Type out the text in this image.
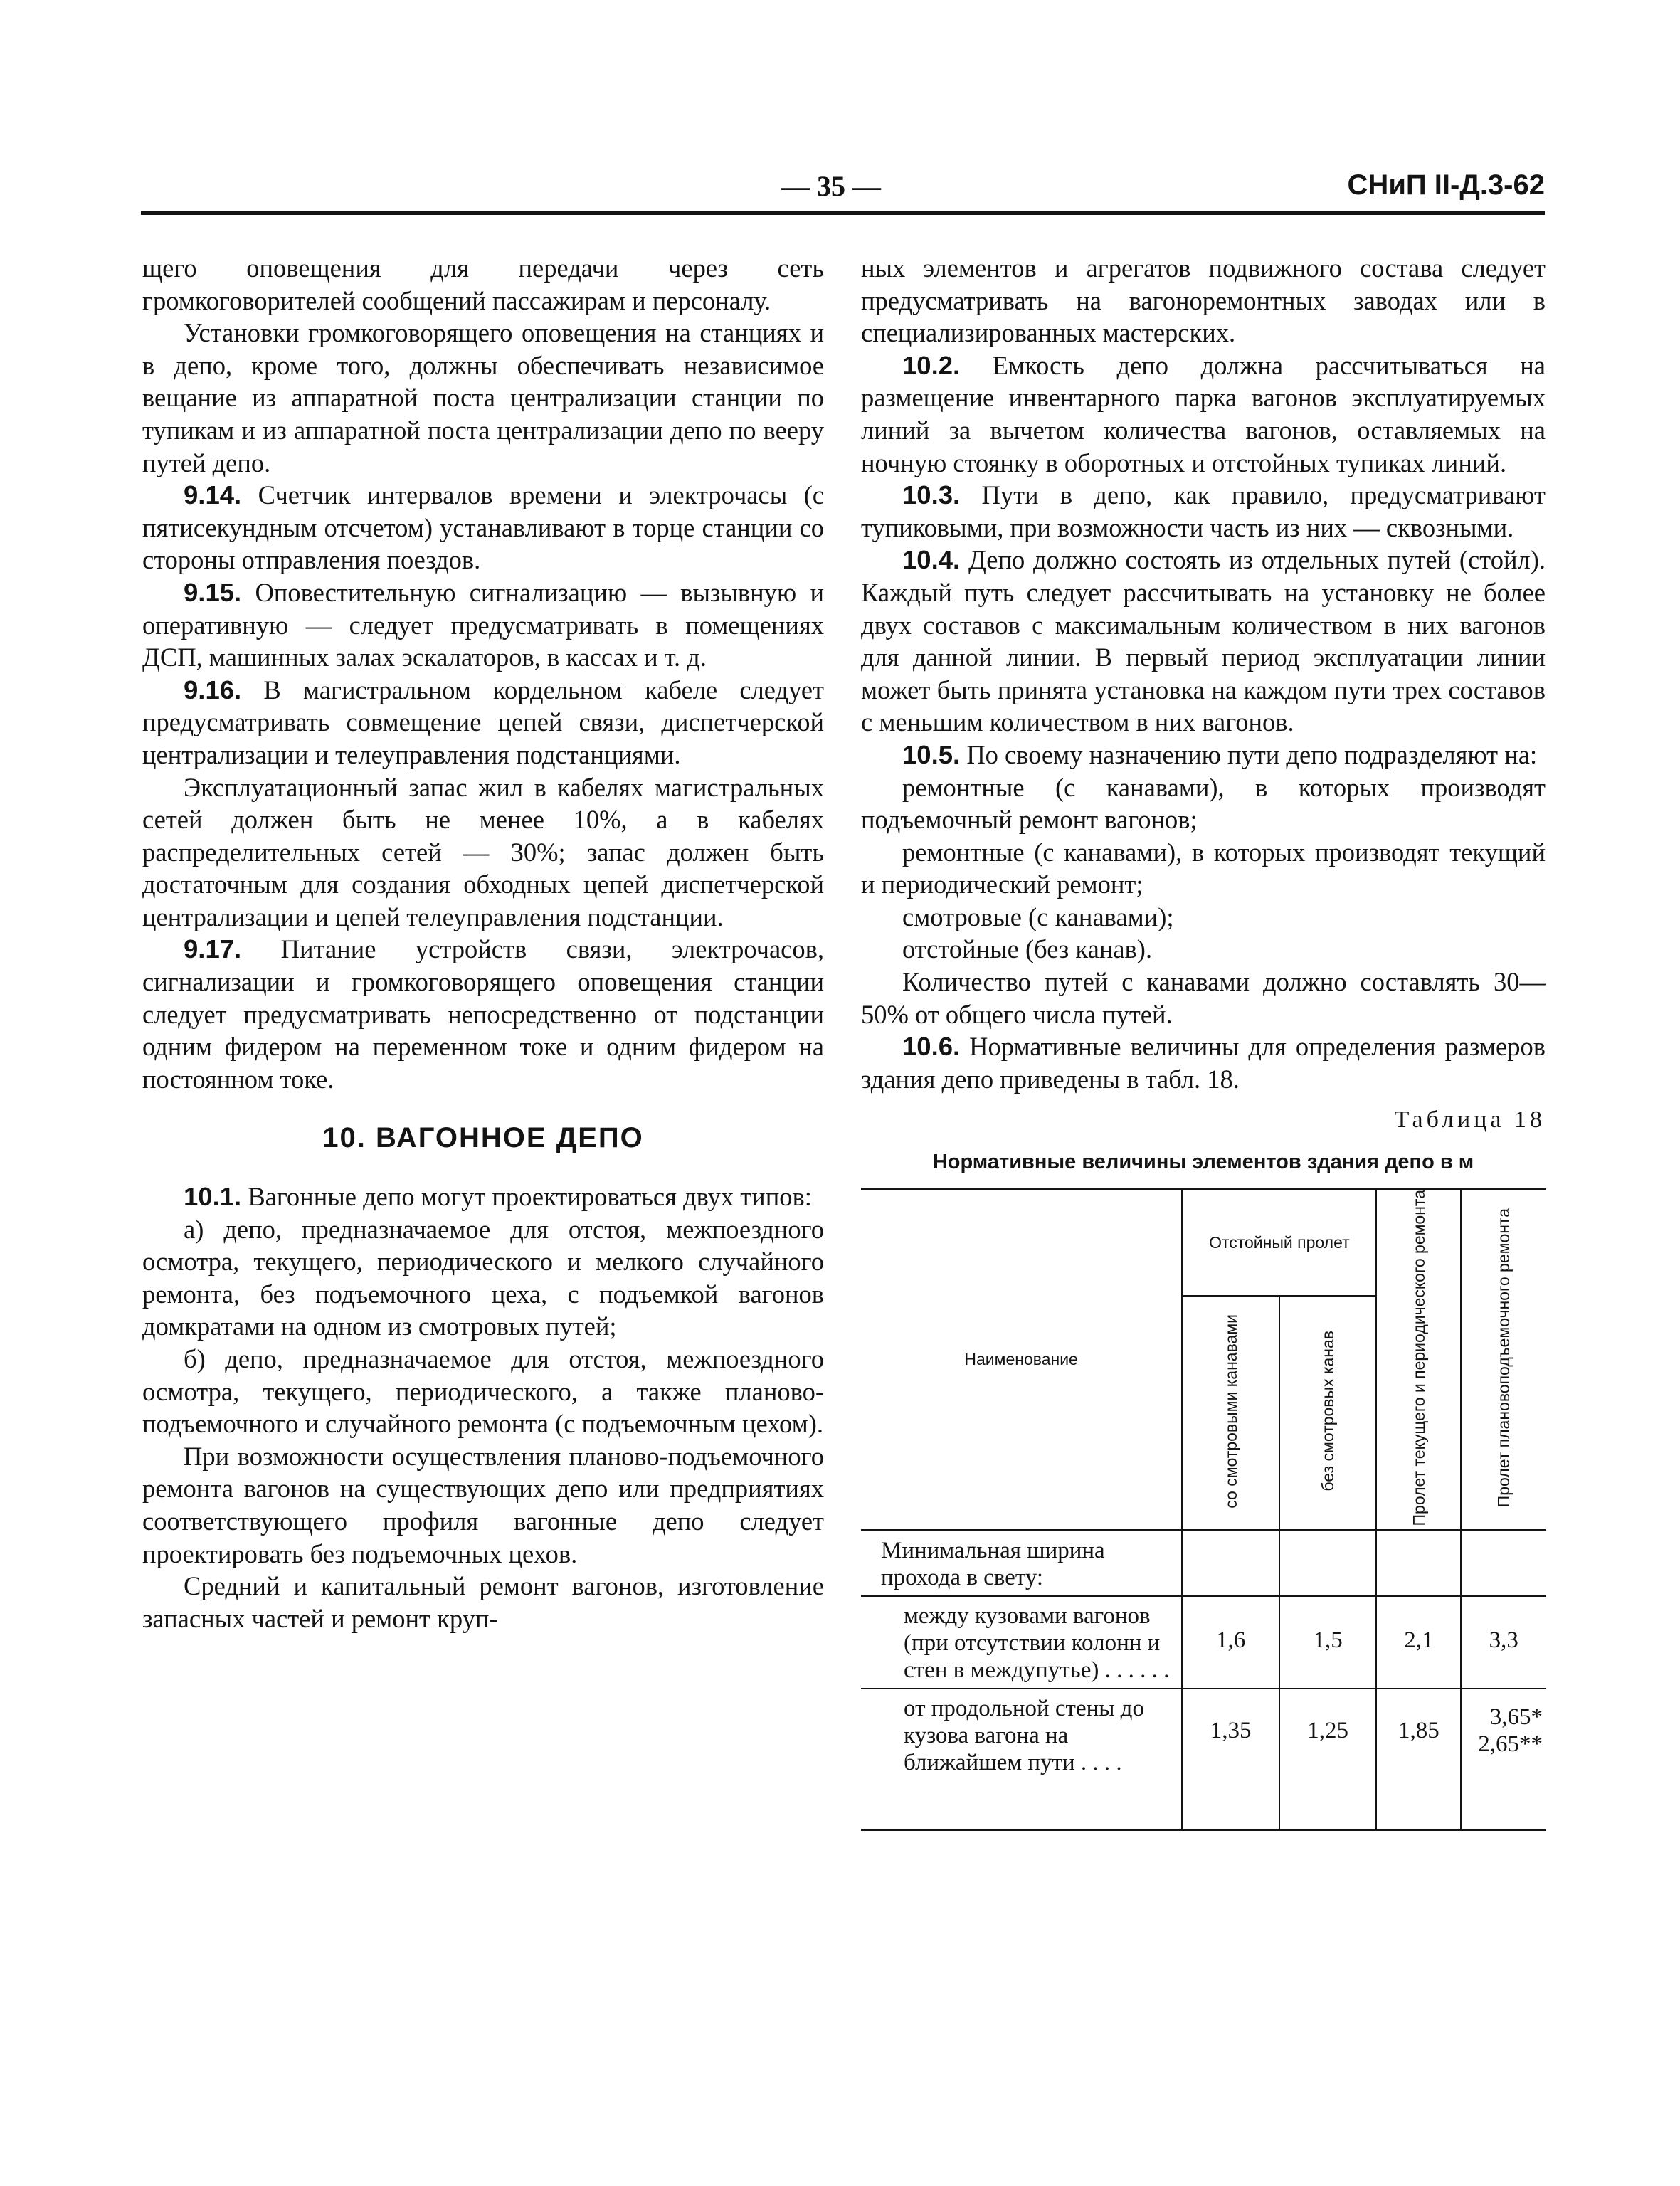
— 35 —	СНиП II-Д.3-62

щего оповещения для передачи через сеть громкоговорителей сообщений пассажирам и персоналу.

Установки громкоговорящего оповещения на станциях и в депо, кроме того, должны обеспечивать независимое вещание из аппаратной поста централизации станции по тупикам и из аппаратной поста централизации депо по вееру путей депо.

9.14. Счетчик интервалов времени и электрочасы (с пятисекундным отсчетом) устанавливают в торце станции со стороны отправления поездов.

9.15. Оповестительную сигнализацию — вызывную и оперативную — следует предусматривать в помещениях ДСП, машинных залах эскалаторов, в кассах и т. д.

9.16. В магистральном кордельном кабеле следует предусматривать совмещение цепей связи, диспетчерской централизации и телеуправления подстанциями.

Эксплуатационный запас жил в кабелях магистральных сетей должен быть не менее 10%, а в кабелях распределительных сетей — 30%; запас должен быть достаточным для создания обходных цепей диспетчерской централизации и цепей телеуправления подстанции.

9.17. Питание устройств связи, электрочасов, сигнализации и громкоговорящего оповещения станции следует предусматривать непосредственно от подстанции одним фидером на переменном токе и одним фидером на постоянном токе.

10. ВАГОННОЕ ДЕПО

10.1. Вагонные депо могут проектироваться двух типов:

а) депо, предназначаемое для отстоя, межпоездного осмотра, текущего, периодического и мелкого случайного ремонта, без подъемочного цеха, с подъемкой вагонов домкратами на одном из смотровых путей;

б) депо, предназначаемое для отстоя, межпоездного осмотра, текущего, периодического, а также планово-подъемочного и случайного ремонта (с подъемочным цехом).

При возможности осуществления планово-подъемочного ремонта вагонов на существующих депо или предприятиях соответствующего профиля вагонные депо следует проектировать без подъемочных цехов.

Средний и капитальный ремонт вагонов, изготовление запасных частей и ремонт круп-

ных элементов и агрегатов подвижного состава следует предусматривать на вагоноремонтных заводах или в специализированных мастерских.

10.2. Емкость депо должна рассчитываться на размещение инвентарного парка вагонов эксплуатируемых линий за вычетом количества вагонов, оставляемых на ночную стоянку в оборотных и отстойных тупиках линий.

10.3. Пути в депо, как правило, предусматривают тупиковыми, при возможности часть из них — сквозными.

10.4. Депо должно состоять из отдельных путей (стойл). Каждый путь следует рассчитывать на установку не более двух составов с максимальным количеством в них вагонов для данной линии. В первый период эксплуатации линии может быть принята установка на каждом пути трех составов с меньшим количеством в них вагонов.

10.5. По своему назначению пути депо подразделяют на:

ремонтные (с канавами), в которых производят подъемочный ремонт вагонов;

ремонтные (с канавами), в которых производят текущий и периодический ремонт;

смотровые (с канавами);

отстойные (без канав).

Количество путей с канавами должно составлять 30—50% от общего числа путей.

10.6. Нормативные величины для определения размеров здания депо приведены в табл. 18.

Таблица 18
Нормативные величины элементов здания депо в м
Наименование	Отстойный пролет		Пролет текущего и периодического ремонта	Пролет плановоподъемочного ремонта
	со смотровыми канавами	без смотровых канав		
Минимальная ширина прохода в свету:				
между кузовами вагонов (при отсутствии колонн и стен в междупутье) . . . . . .	1,6	1,5	2,1	3,3

от продольной стены до кузова вагона на ближайшем пути . . . .	1,35	1,25	1,85	3,65*
2,65**
